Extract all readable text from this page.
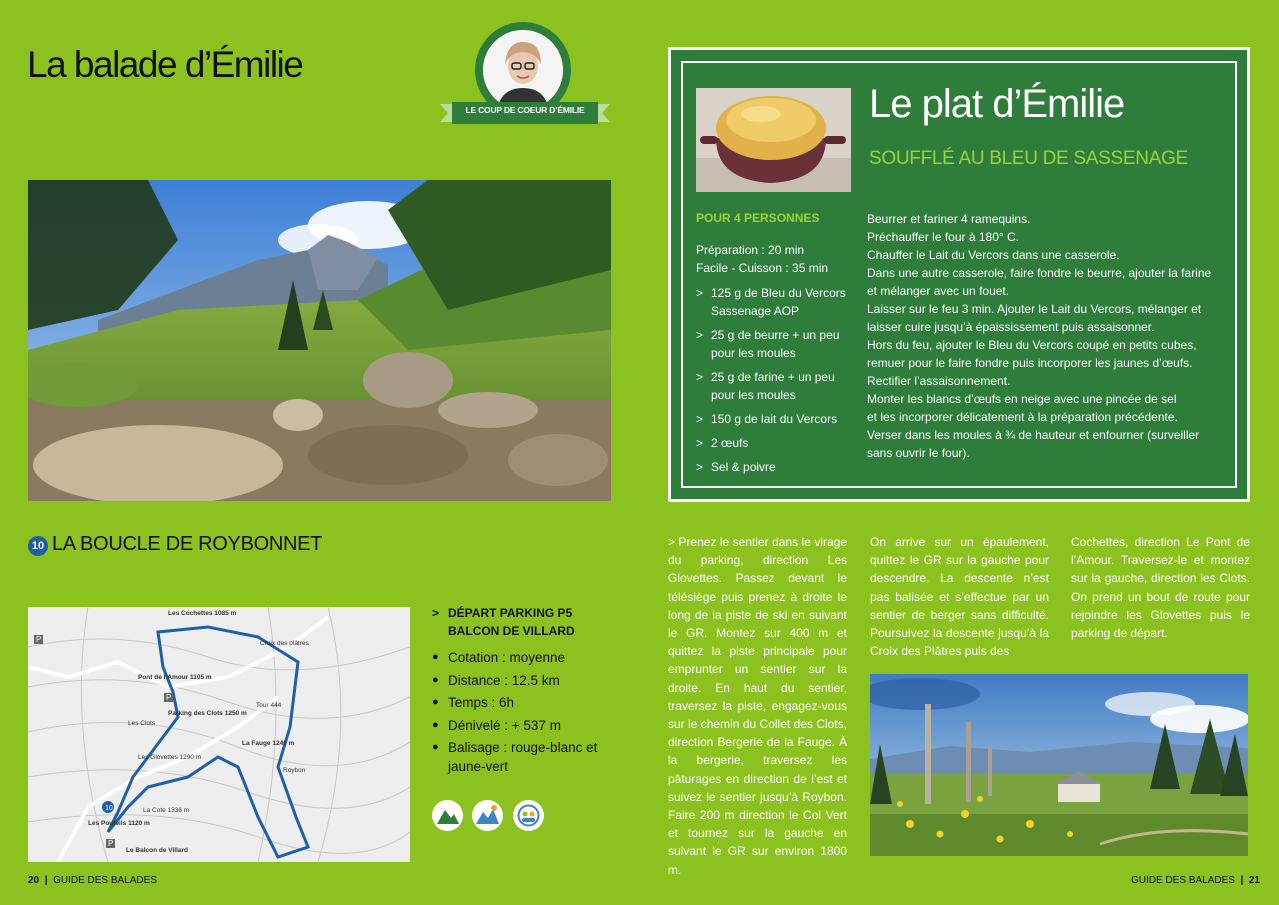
La balade d’Émilie
LE COUP DE COEUR D’ÉMILIE
10 LA BOUCLE DE ROYBONNET
10
P
P
P
Les Cochettes 1085 m
Pont de l’Amour 1105 m
Parking des Clots 1250 m
Les Clots
La Fauge 1240 m
Les Glovettes 1290 m
Les Pouteils 1120 m
La Cote 1336 m
Roybon
Tour 444
Croix des plâtres
Le Balcon de Villard
> DÉPART PARKING P5
BALCON DE VILLARD
● Cotation : moyenne
● Distance : 12.5 km
● Temps : 6h
● Dénivelé : + 537 m
● Balisage : rouge-blanc et jaune-vert

20 | GUIDE DES BALADES
Le plat d’Émilie
SOUFFLÉ AU BLEU DE SASSENAGE
POUR 4 PERSONNES
Préparation : 20 min
Facile - Cuisson : 35 min
> 125 g de Bleu du Vercors Sassenage AOP
> 25 g de beurre + un peu pour les moules
> 25 g de farine + un peu pour les moules
> 150 g de lait du Vercors
> 2 œufs
> Sel & poivre
Beurrer et fariner 4 ramequins.
Préchauffer le four à 180° C.
Chauffer le Lait du Vercors dans une casserole.
Dans une autre casserole, faire fondre le beurre, ajouter la farine
et mélanger avec un fouet.
Laisser sur le feu 3 min. Ajouter le Lait du Vercors, mélanger et
laisser cuire jusqu’à épaississement puis assaisonner.
Hors du feu, ajouter le Bleu du Vercors coupé en petits cubes,
remuer pour le faire fondre puis incorporer les jaunes d’œufs.
Rectifier l’assaisonnement.
Monter les blancs d’œufs en neige avec une pincée de sel
et les incorporer délicatement à la préparation précédente.
Verser dans les moules à ¾ de hauteur et enfourner (surveiller
sans ouvrir le four).
> Prenez le sentier dans le virage du parking, direction Les Glovettes. Passez devant le télésiège puis prenez à droite le long de la piste de ski en suivant le GR. Montez sur 400 m et quittez la piste principale pour emprunter un sentier sur la droite. En haut du sentier, traversez la piste, engagez-vous sur le chemin du Collet des Clots, direction Bergerie de la Fauge. À la bergerie, traversez les pâturages en direction de l’est et suivez le sentier jusqu’à Roybon. Faire 200 m direction le Col Vert et tournez sur la gauche en suivant le GR sur environ 1800 m.
On arrive sur un épaulement, quittez le GR sur la gauche pour descendre. La descente n’est pas balisée et s’effectue par un sentier de berger sans difficulté. Poursuivez la descente jusqu’à la Croix des Plâtres puis des
Cochettes, direction Le Pont de l’Amour. Traversez-le et montez sur la gauche, direction les Clots. On prend un bout de route pour rejoindre les Glovettes puis le parking de départ.
GUIDE DES BALADES | 21
